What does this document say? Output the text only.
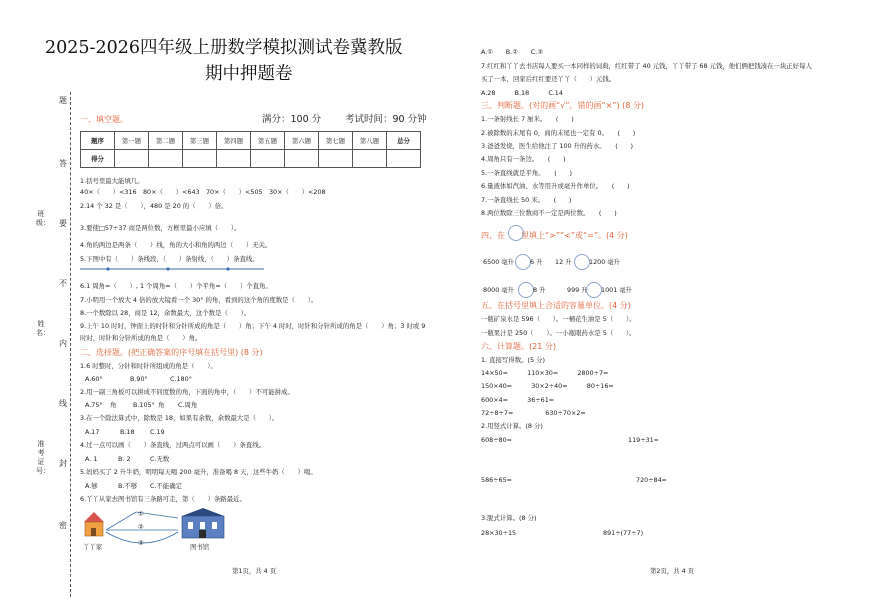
2025-2026四年级上册数学模拟测试卷冀教版
期中押题卷
班级：
姓名：
准考证号：
题
答
要
不
内
线
封
密
一、填空题。	满分：100 分	考试时间：90 分钟
题序	第一题	第二题	第三题	第四题	第五题	第六题	第七题	第八题	总分
得分									
1.括号里最大能填几。
40×（　　）<316　80×（　　）<643　70×（　　）<505　30×（　　）<208
2.14 个 32 是（　　），480 是 20 的（　　）倍。
3.要使□57÷37 商是两位数，方框里最小应填（　　）。
4.角的两边是两条（　　）线，角的大小和角的两边（　　）无关。
5.下图中有（　　）条线段，（　　）条射线，（　　）条直线。
6.1 周角=（　　）, 1 个周角=（　　）个平角=（　　）个直角。
7.小明用一个放大 4 倍的放大镜看一个 30° 的角，看到的这个角的度数是（　　）。
8.一个数除以 28，商是 12，余数最大，这个数是（　　）。
9.上午 10 时时，钟面上的时针和分针所成的角是（　　）角；下午 4 时时，时针和分针所成的角是（　　）角；3 时或 9
时时，时针和分针所成的角是（　　）角。
二、选择题。(把正确答案的序号填在括号里) (8 分)
1.6 时整时，分针和时针所组成的角是（　　）。
A.60°	B.90°	C.180°
2.用一副三角板可以拼成不同度数的角，下面的角中，（　　）不可能拼成。
A.75° 角	B.105° 角 C.周角
3.在一个除法算式中，除数是 18，如果有余数，余数最大是（　　）。
A.17	B.18 C.19
4.过一点可以画（　　）条直线，过两点可以画（　　）条直线。
A. 1	B. 2	C.无数
5.妈妈买了 2 升牛奶，明明每天喝 200 毫升，准备喝 8 天，这些牛奶（　　）喝。
A.够	B.不够 C.不能确定
6.丫丫从家去图书馆有三条路可走，第（　　）条路最近。
①
②
③
丫丫家	图书馆
第1页，共 4 页
A.①　　B.②　　C.③
7.红红和丫丫去书店每人要买一本同样的词典，红红带了 40 元钱，丫丫带了 68 元钱，他们俩把钱凑在一块正好每人
买了一本，回家后红红要还丫丫（　　）元钱。
A.28　　　B.18　　　C.14
三、判断题。(对的画“√”，错的画“×”) (8 分)
1.一条射线长 7 厘米。　　(　　)
2.被除数的末尾有 0，商的末尾也一定有 0。　　(　　)
3.爸爸发烧，医生给他注了 100 升的药水。　　(　　)
4.周角只有一条边。　　(　　)
5.一条直线就是平角。　　(　　)
6.量液体如汽油、水等用升或毫升作单位。　　(　　)
7.一条直线长 50 米。　　(　　)
8.两位数除三位数商不一定是两位数。　　(　　)
四、在　　里填上“>”“<”或“=”。(4 分)
6500 毫升 6 升 12 升	1200 毫升
8000 毫升	8 升	999 升 1001 毫升
五、在括号里填上合适的容量单位。(4 分)
一瓶矿泉水是 596（　　）。一桶花生油是 5（　　）。
一瓶果汁是 250（　　）。一小瓶眼药水是 5（　　）。
六、计算题。(21 分)
1. 直接写得数。(5 分)
14×50=　　　110×30=　　　2800÷7=
150×40=　　　30×2÷40=　　　80÷16=
600×4=　　　36÷61=
72÷8÷7=　　　　　630÷70×2=
2.用竖式计算。(8 分)
608÷80=	119÷31=
586÷65=	720÷84=
3.脱式计算。(8 分)
28×30÷15	891÷(77÷7)
第2页，共 4 页
